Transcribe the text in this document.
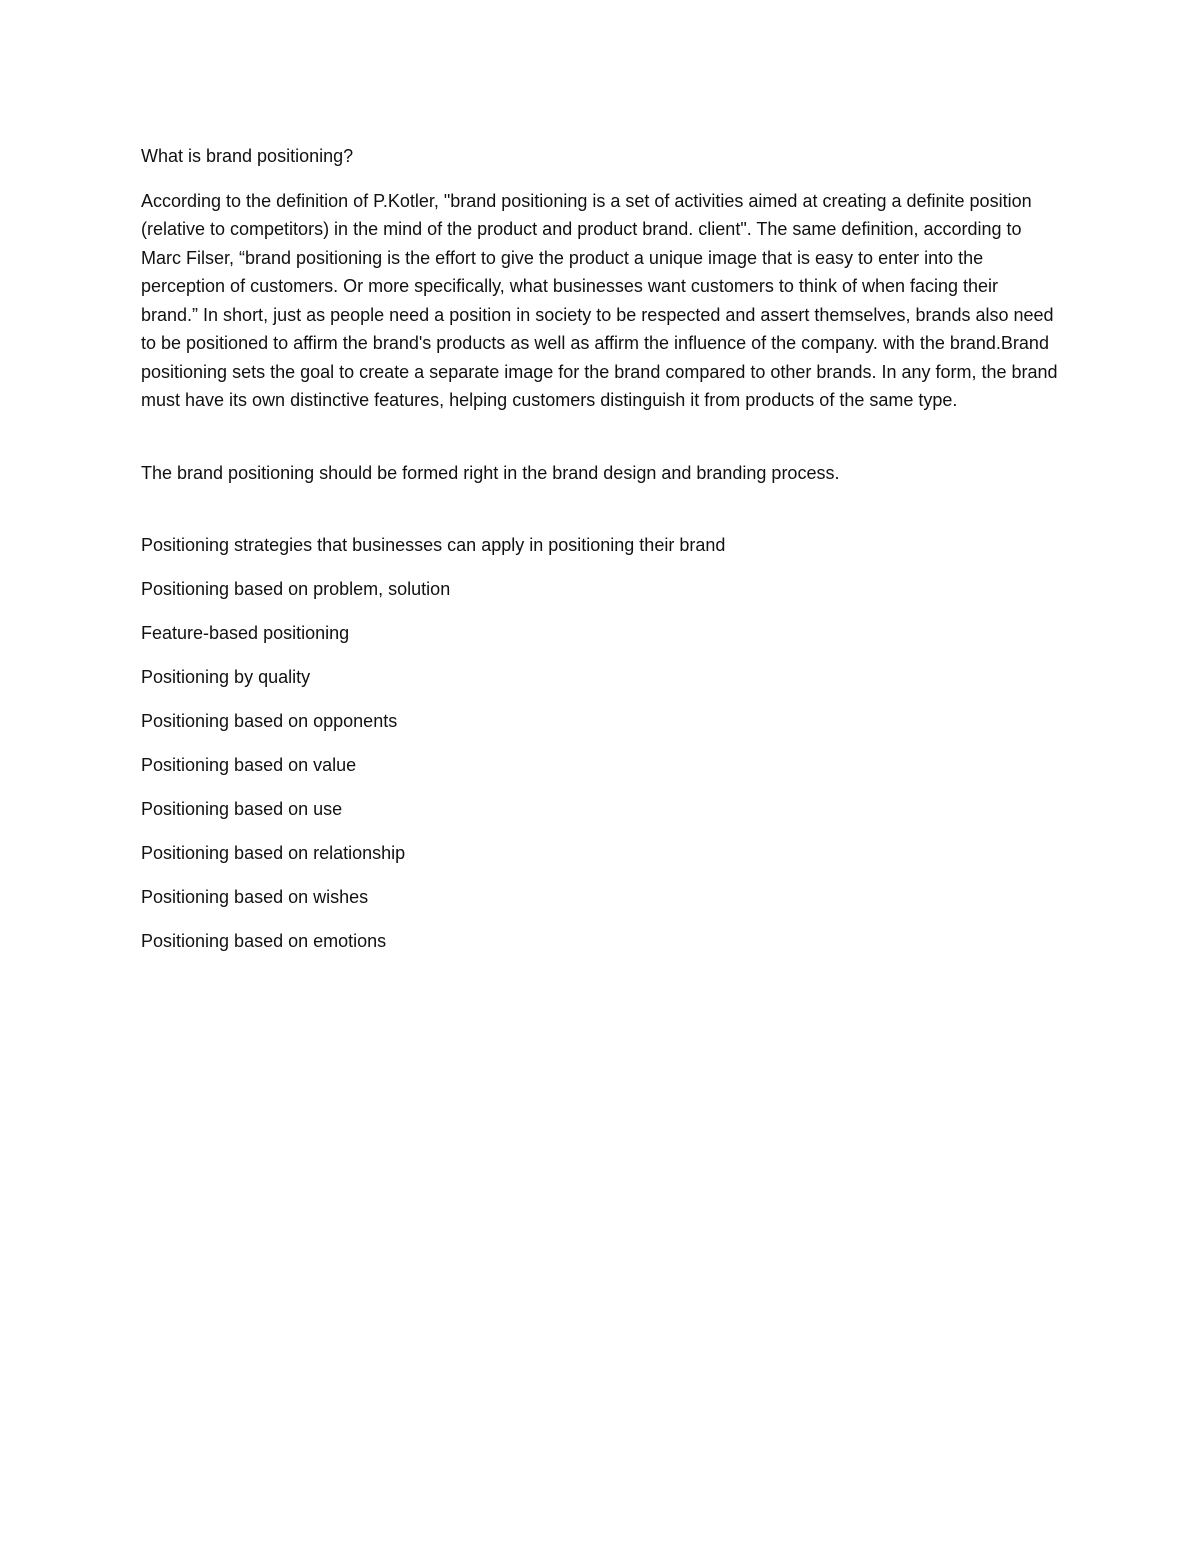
What is brand positioning?

According to the definition of P.Kotler, "brand positioning is a set of activities aimed at creating a definite position (relative to competitors) in the mind of the product and product brand. client". The same definition, according to Marc Filser, “brand positioning is the effort to give the product a unique image that is easy to enter into the perception of customers. Or more specifically, what businesses want customers to think of when facing their brand.” In short, just as people need a position in society to be respected and assert themselves, brands also need to be positioned to affirm the brand's products as well as affirm the influence of the company. with the brand.Brand positioning sets the goal to create a separate image for the brand compared to other brands. In any form, the brand must have its own distinctive features, helping customers distinguish it from products of the same type.

The brand positioning should be formed right in the brand design and branding process.

Positioning strategies that businesses can apply in positioning their brand

Positioning based on problem, solution

Feature-based positioning

Positioning by quality

Positioning based on opponents

Positioning based on value

Positioning based on use

Positioning based on relationship

Positioning based on wishes

Positioning based on emotions
